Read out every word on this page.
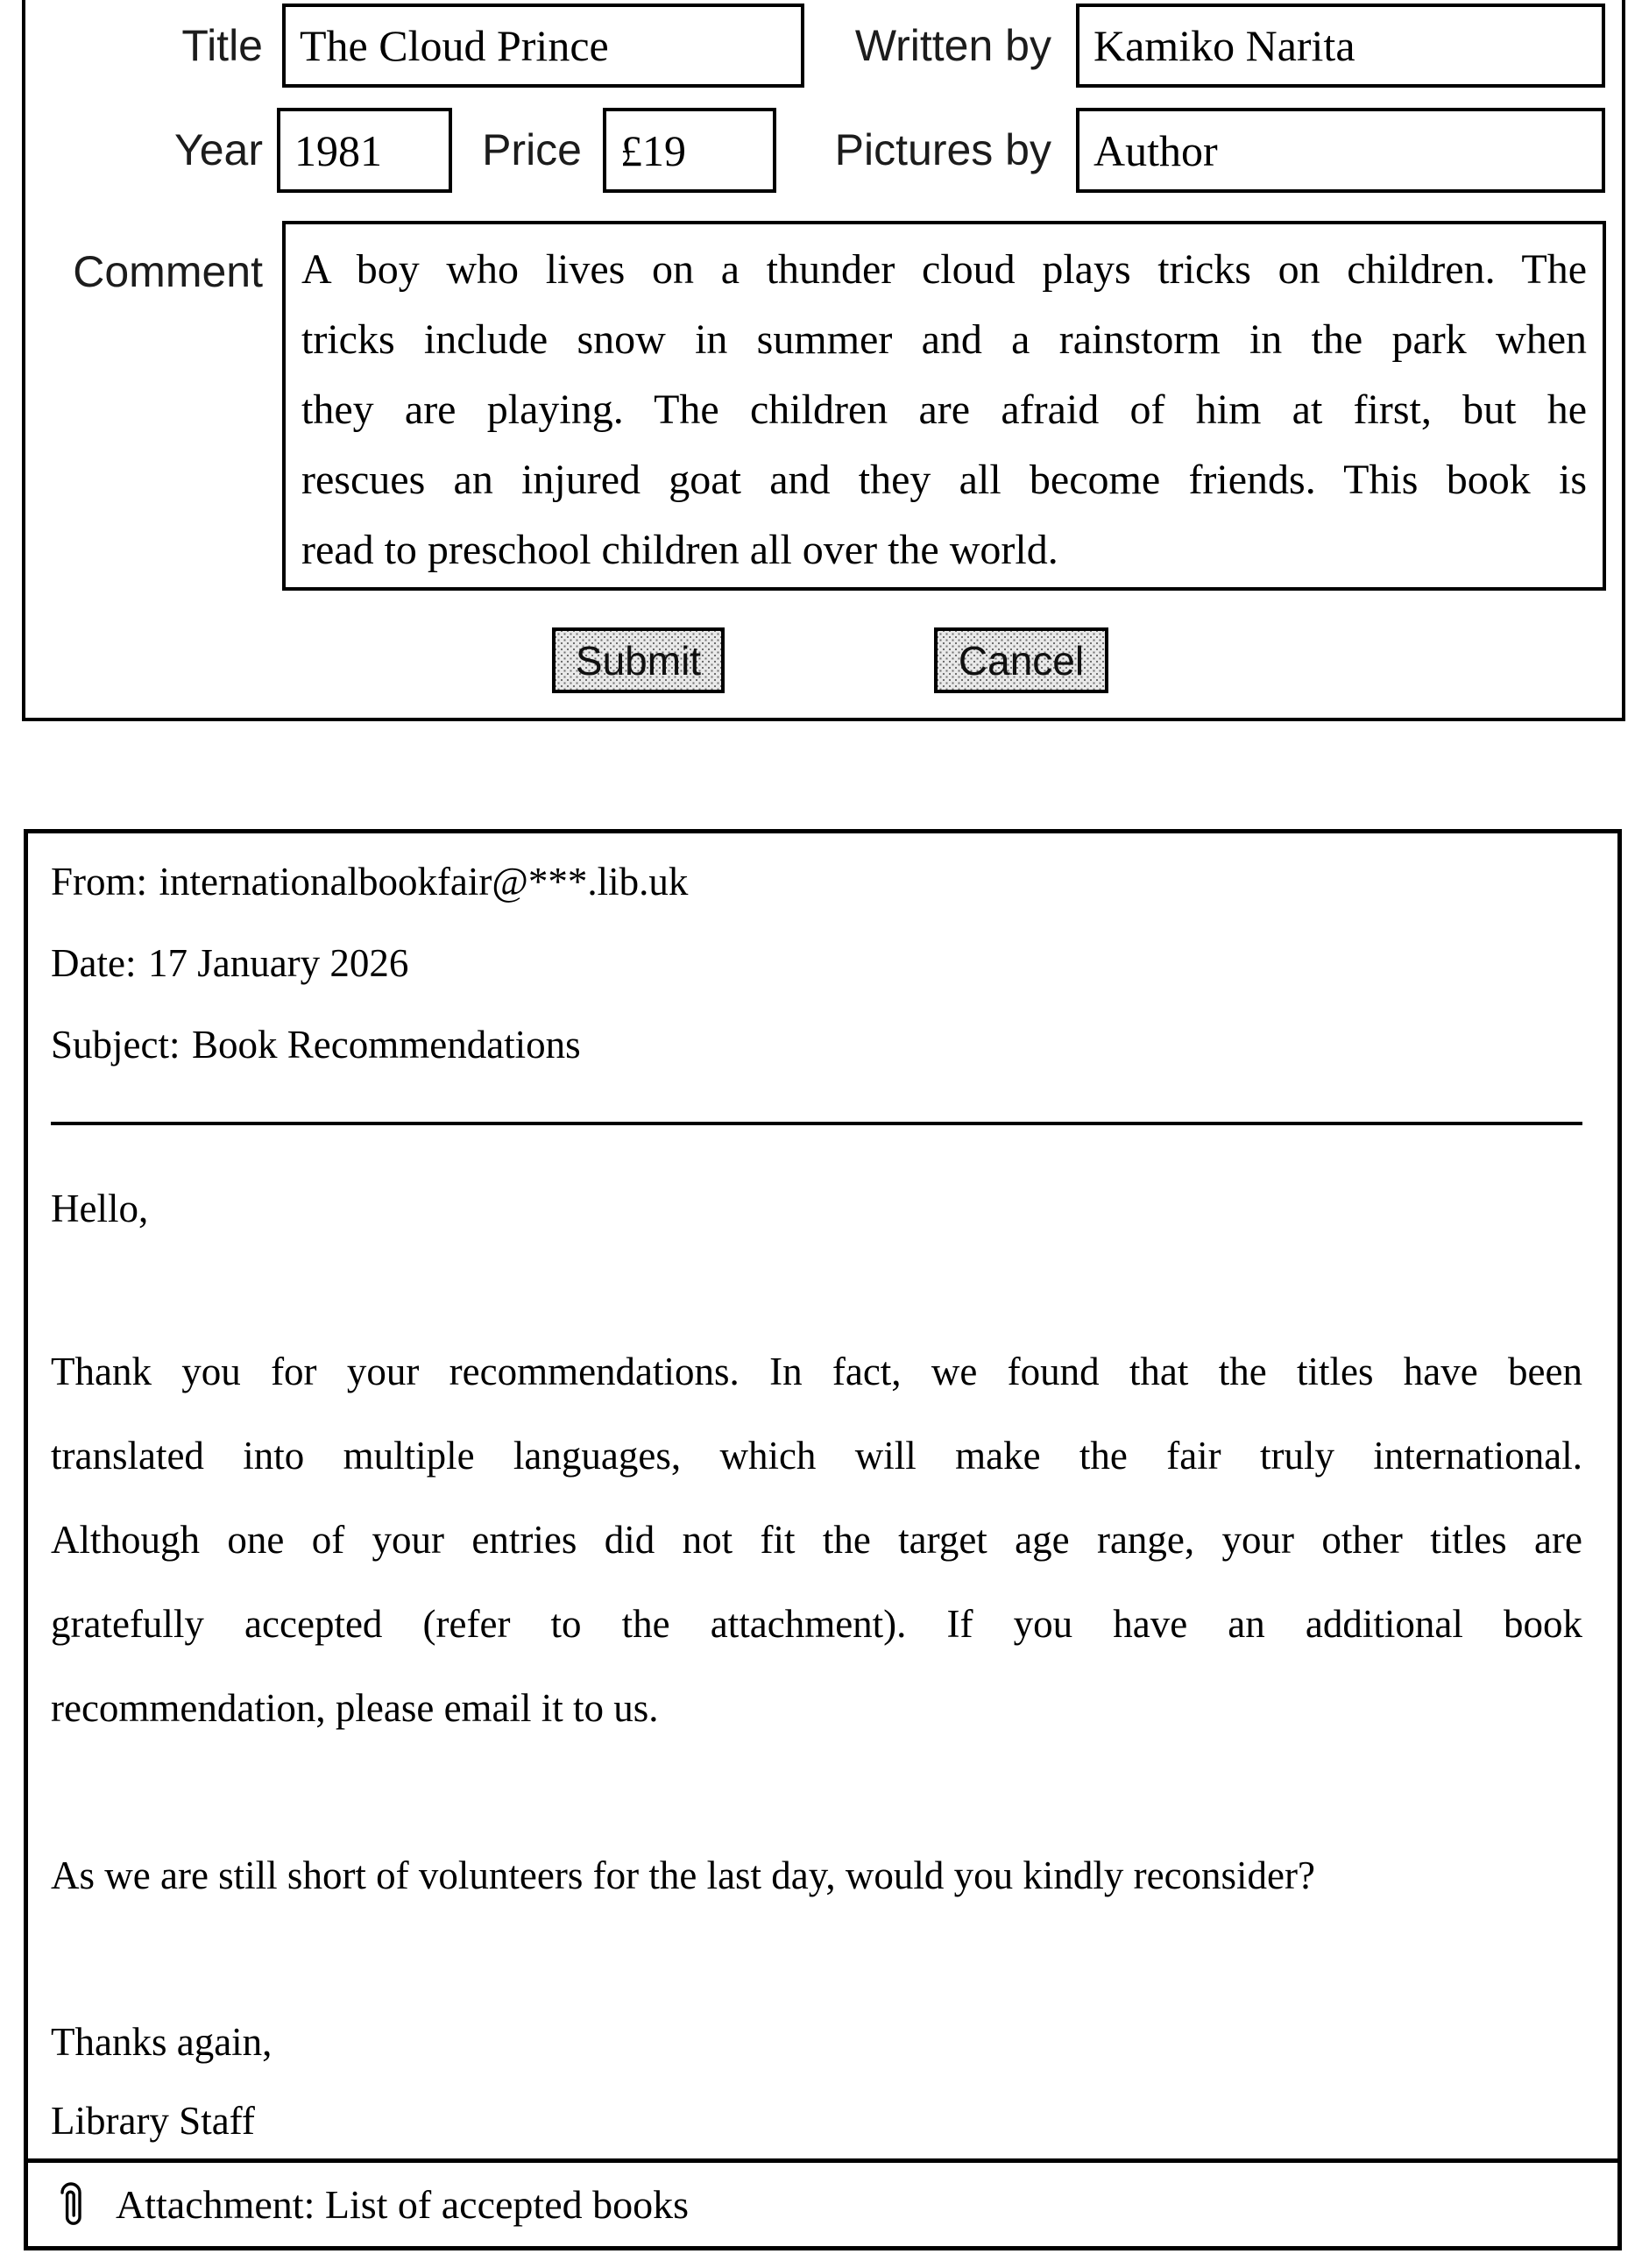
Title The Cloud Prince	Written by Kamiko Narita
Year 1981	Price £19	Pictures by Author
Comment A boy who lives on a thunder cloud plays tricks on children. The
tricks include snow in summer and a rainstorm in the park when
they are playing. The children are afraid of him at first, but he
rescues an injured goat and they all become friends. This book is
read to preschool children all over the world.
Submit	Cancel
From: internationalbookfair@***.lib.uk
Date: 17 January 2026
Subject: Book Recommendations
Hello,
Thank you for your recommendations. In fact, we found that the titles have been
translated into multiple languages, which will make the fair truly international.
Although one of your entries did not fit the target age range, your other titles are
gratefully accepted (refer to the attachment). If you have an additional book
recommendation, please email it to us.
As we are still short of volunteers for the last day, would you kindly reconsider?
Thanks again,
Library Staff
Attachment: List of accepted books
